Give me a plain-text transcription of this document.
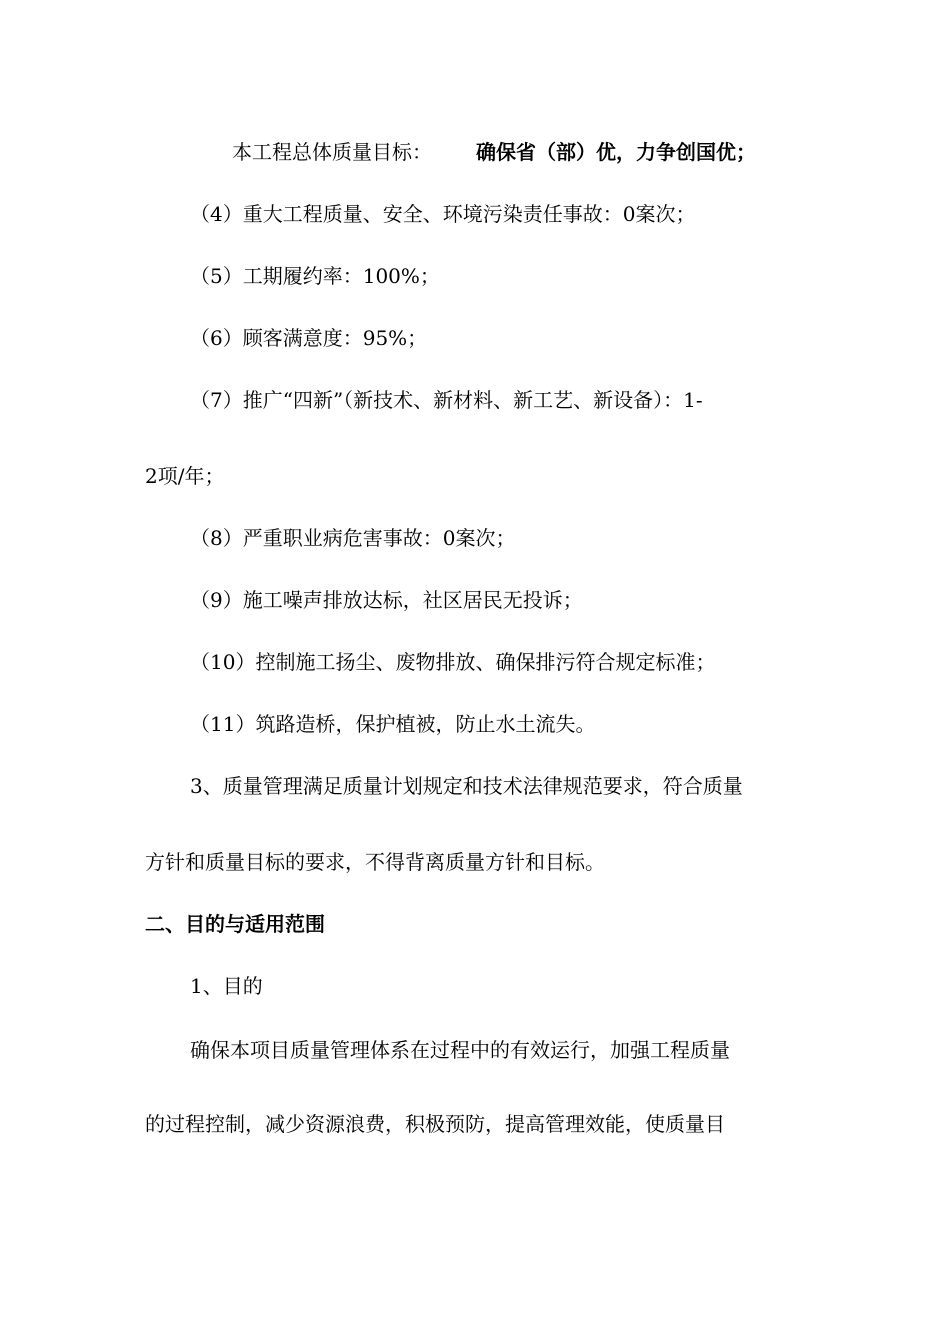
本工程总体质量目标： 确保省（部）优，力争创国优；
（4）重大工程质量、安全、环境污染责任事故：0案次；
（5）工期履约率：100%；
（6）顾客满意度：95%；
（7）推广“四新”（新技术、新材料、新工艺、新设备）：1-
2项/年；
（8）严重职业病危害事故：0案次；
（9）施工噪声排放达标，社区居民无投诉；
（10）控制施工扬尘、废物排放、确保排污符合规定标准；
（11）筑路造桥，保护植被，防止水土流失。
3、质量管理满足质量计划规定和技术法律规范要求，符合质量
方针和质量目标的要求，不得背离质量方针和目标。
二、目的与适用范围
1、目的
确保本项目质量管理体系在过程中的有效运行，加强工程质量
的过程控制，减少资源浪费，积极预防，提高管理效能，使质量目
